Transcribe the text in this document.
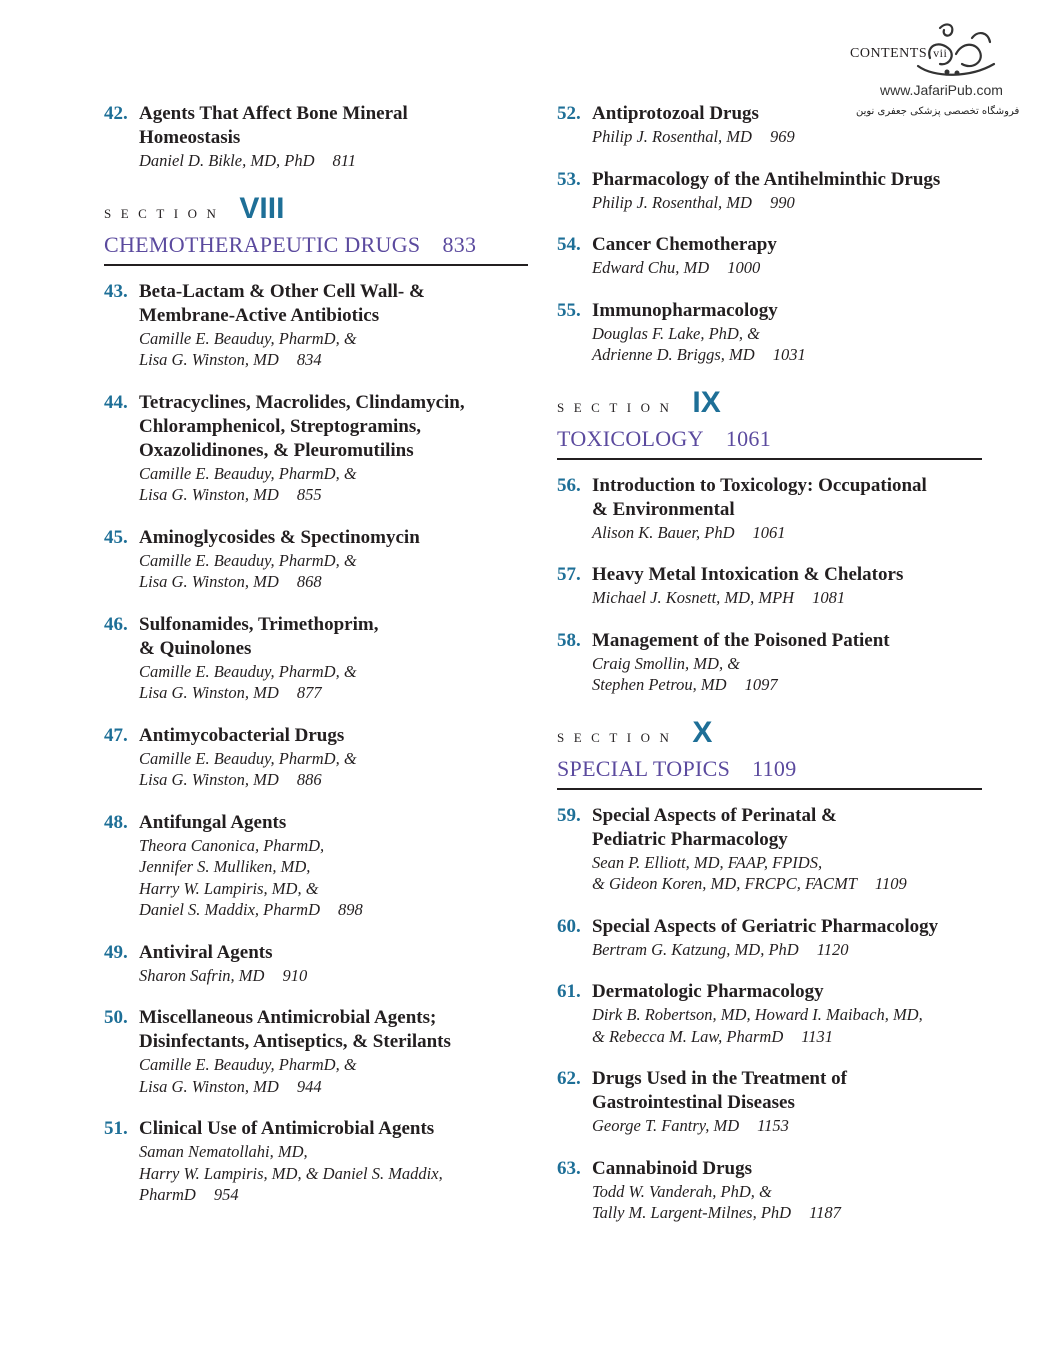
CONTENTS vii
www.JafariPub.com
فروشگاه تخصصی پزشکی جعفری نوین
42. Agents That Affect Bone Mineral
Homeostasis
Daniel D. Bikle, MD, PhD 811
SECTION VIII
CHEMOTHERAPEUTIC DRUGS 833
43. Beta-Lactam & Other Cell Wall- &
Membrane-Active Antibiotics
Camille E. Beauduy, PharmD, &
Lisa G. Winston, MD 834
44. Tetracyclines, Macrolides, Clindamycin,
Chloramphenicol, Streptogramins,
Oxazolidinones, & Pleuromutilins
Camille E. Beauduy, PharmD, &
Lisa G. Winston, MD 855
45. Aminoglycosides & Spectinomycin
Camille E. Beauduy, PharmD, &
Lisa G. Winston, MD 868
46. Sulfonamides, Trimethoprim,
& Quinolones
Camille E. Beauduy, PharmD, &
Lisa G. Winston, MD 877
47. Antimycobacterial Drugs
Camille E. Beauduy, PharmD, &
Lisa G. Winston, MD 886
48. Antifungal Agents
Theora Canonica, PharmD,
Jennifer S. Mulliken, MD,
Harry W. Lampiris, MD, &
Daniel S. Maddix, PharmD 898
49. Antiviral Agents
Sharon Safrin, MD 910
50. Miscellaneous Antimicrobial Agents;
Disinfectants, Antiseptics, & Sterilants
Camille E. Beauduy, PharmD, &
Lisa G. Winston, MD 944
51. Clinical Use of Antimicrobial Agents
Saman Nematollahi, MD,
Harry W. Lampiris, MD, & Daniel S. Maddix,
PharmD 954
52. Antiprotozoal Drugs
Philip J. Rosenthal, MD 969
53. Pharmacology of the Antihelminthic Drugs
Philip J. Rosenthal, MD 990
54. Cancer Chemotherapy
Edward Chu, MD 1000
55. Immunopharmacology
Douglas F. Lake, PhD, &
Adrienne D. Briggs, MD 1031
SECTION IX
TOXICOLOGY 1061
56. Introduction to Toxicology: Occupational
& Environmental
Alison K. Bauer, PhD 1061
57. Heavy Metal Intoxication & Chelators
Michael J. Kosnett, MD, MPH 1081
58. Management of the Poisoned Patient
Craig Smollin, MD, &
Stephen Petrou, MD 1097
SECTION X
SPECIAL TOPICS 1109
59. Special Aspects of Perinatal &
Pediatric Pharmacology
Sean P. Elliott, MD, FAAP, FPIDS,
& Gideon Koren, MD, FRCPC, FACMT 1109
60. Special Aspects of Geriatric Pharmacology
Bertram G. Katzung, MD, PhD 1120
61. Dermatologic Pharmacology
Dirk B. Robertson, MD, Howard I. Maibach, MD,
& Rebecca M. Law, PharmD 1131
62. Drugs Used in the Treatment of
Gastrointestinal Diseases
George T. Fantry, MD 1153
63. Cannabinoid Drugs
Todd W. Vanderah, PhD, &
Tally M. Largent-Milnes, PhD 1187
